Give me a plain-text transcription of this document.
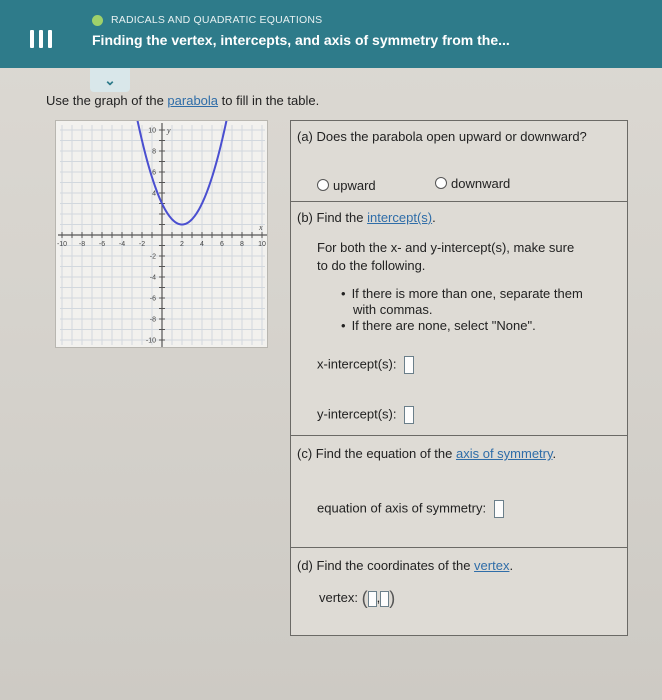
RADICALS AND QUADRATIC EQUATIONS
Finding the vertex, intercepts, and axis of symmetry from the...
⌄
Use the graph of the parabola to fill in the table.
-10 -8 -6 -4 -2	2 4 6 8 10
10
8
6
4
-2
-4
-6
-8
-10
x
y	(a) Does the parabola open upward or downward?
upward	downward
(b) Find the intercept(s).
For both the x- and y-intercept(s), make sure
to do the following.
• If there is more than one, separate them
with commas.
• If there are none, select "None".
x-intercept(s):
y-intercept(s):
(c) Find the equation of the axis of symmetry.
equation of axis of symmetry:
(d) Find the coordinates of the vertex.
vertex: ( , )
